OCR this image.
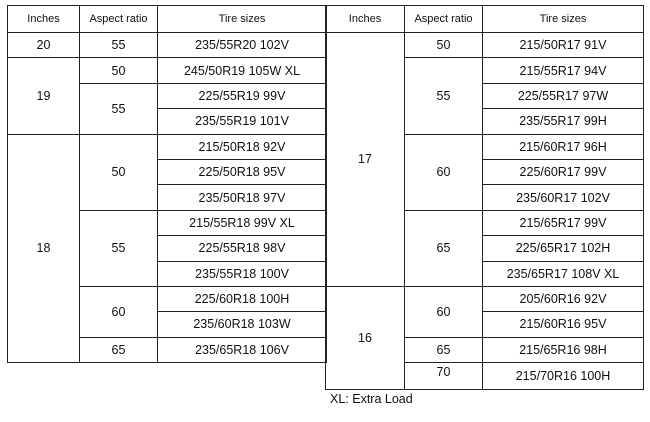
Inches	Aspect ratio	Tire sizes
20	55	235/55R20 102V
19	50	245/50R19 105W XL
	55	225/55R19 99V
		235/55R19 101V
18	50	215/50R18 92V
		225/50R18 95V
		235/50R18 97V
	55	215/55R18 99V XL
		225/55R18 98V
		235/55R18 100V
	60	225/60R18 100H
		235/60R18 103W
	65	235/65R18 106V
Inches	Aspect ratio	Tire sizes
17	50	215/50R17 91V
	55	215/55R17 94V
		225/55R17 97W
		235/55R17 99H
	60	215/60R17 96H
		225/60R17 99V
		235/60R17 102V
	65	215/65R17 99V
		225/65R17 102H
		235/65R17 108V XL
16	60	205/60R16 92V
		215/60R16 95V
	65	215/65R16 98H
	70	215/70R16 100H
XL: Extra Load
